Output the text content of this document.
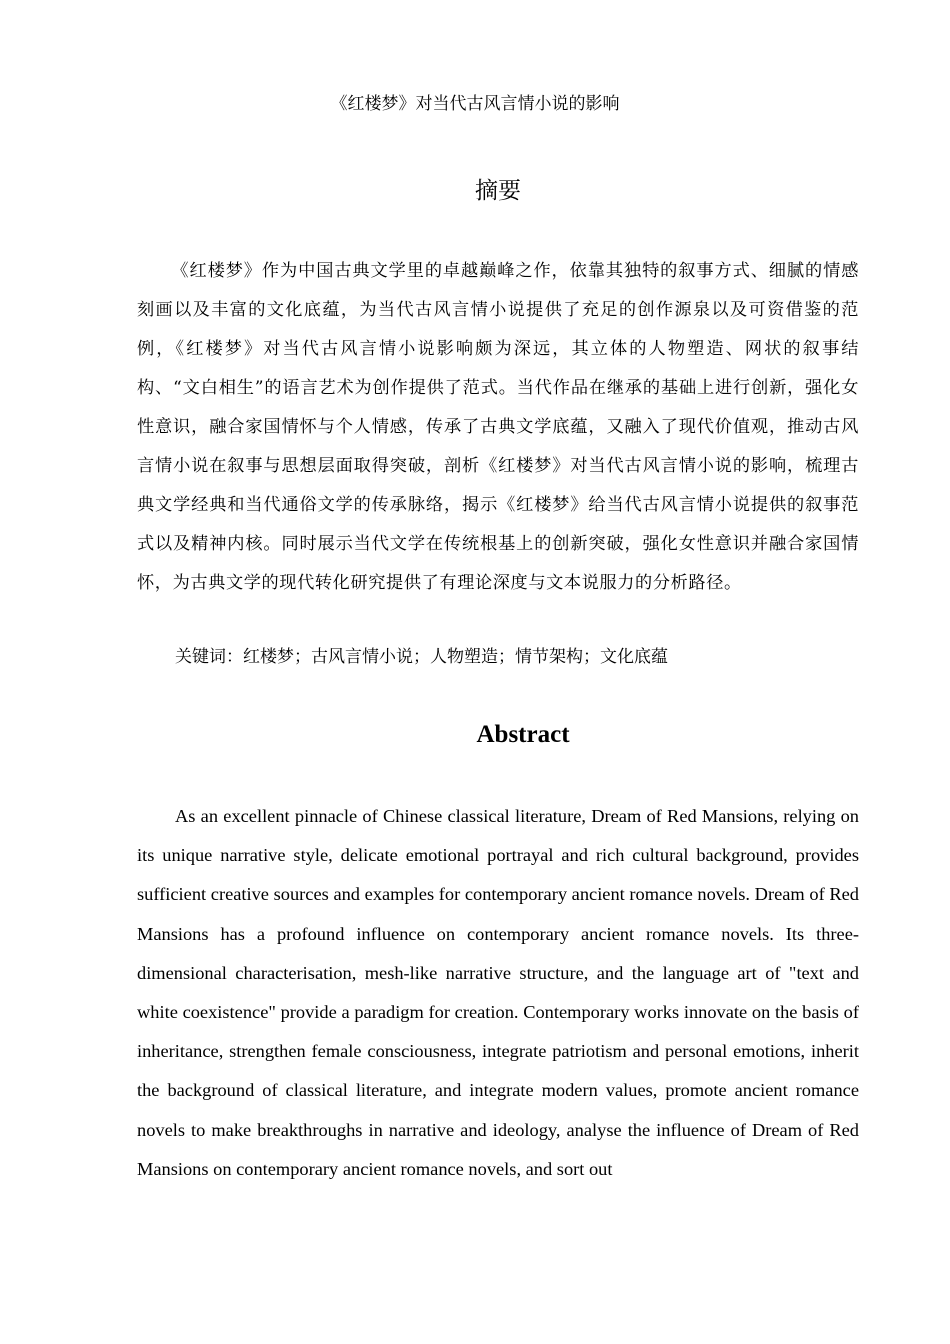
《红楼梦》对当代古风言情小说的影响

摘要

《红楼梦》作为中国古典文学里的卓越巅峰之作，依靠其独特的叙事方式、细腻的情感刻画以及丰富的文化底蕴，为当代古风言情小说提供了充足的创作源泉以及可资借鉴的范例，《红楼梦》对当代古风言情小说影响颇为深远，其立体的人物塑造、网状的叙事结构、“文白相生”的语言艺术为创作提供了范式。当代作品在继承的基础上进行创新，强化女性意识，融合家国情怀与个人情感，传承了古典文学底蕴，又融入了现代价值观，推动古风言情小说在叙事与思想层面取得突破，剖析《红楼梦》对当代古风言情小说的影响，梳理古典文学经典和当代通俗文学的传承脉络，揭示《红楼梦》给当代古风言情小说提供的叙事范式以及精神内核。同时展示当代文学在传统根基上的创新突破，强化女性意识并融合家国情怀，为古典文学的现代转化研究提供了有理论深度与文本说服力的分析路径。

关键词：红楼梦；古风言情小说；人物塑造；情节架构；文化底蕴

Abstract

As an excellent pinnacle of Chinese classical literature, Dream of Red Mansions, relying on its unique narrative style, delicate emotional portrayal and rich cultural background, provides sufficient creative sources and examples for contemporary ancient romance novels. Dream of Red Mansions has a profound influence on contemporary ancient romance novels. Its three-dimensional characterisation, mesh-like narrative structure, and the language art of "text and white coexistence" provide a paradigm for creation. Contemporary works innovate on the basis of inheritance, strengthen female consciousness, integrate patriotism and personal emotions, inherit the background of classical literature, and integrate modern values, promote ancient romance novels to make breakthroughs in narrative and ideology, analyse the influence of Dream of Red Mansions on contemporary ancient romance novels, and sort out
